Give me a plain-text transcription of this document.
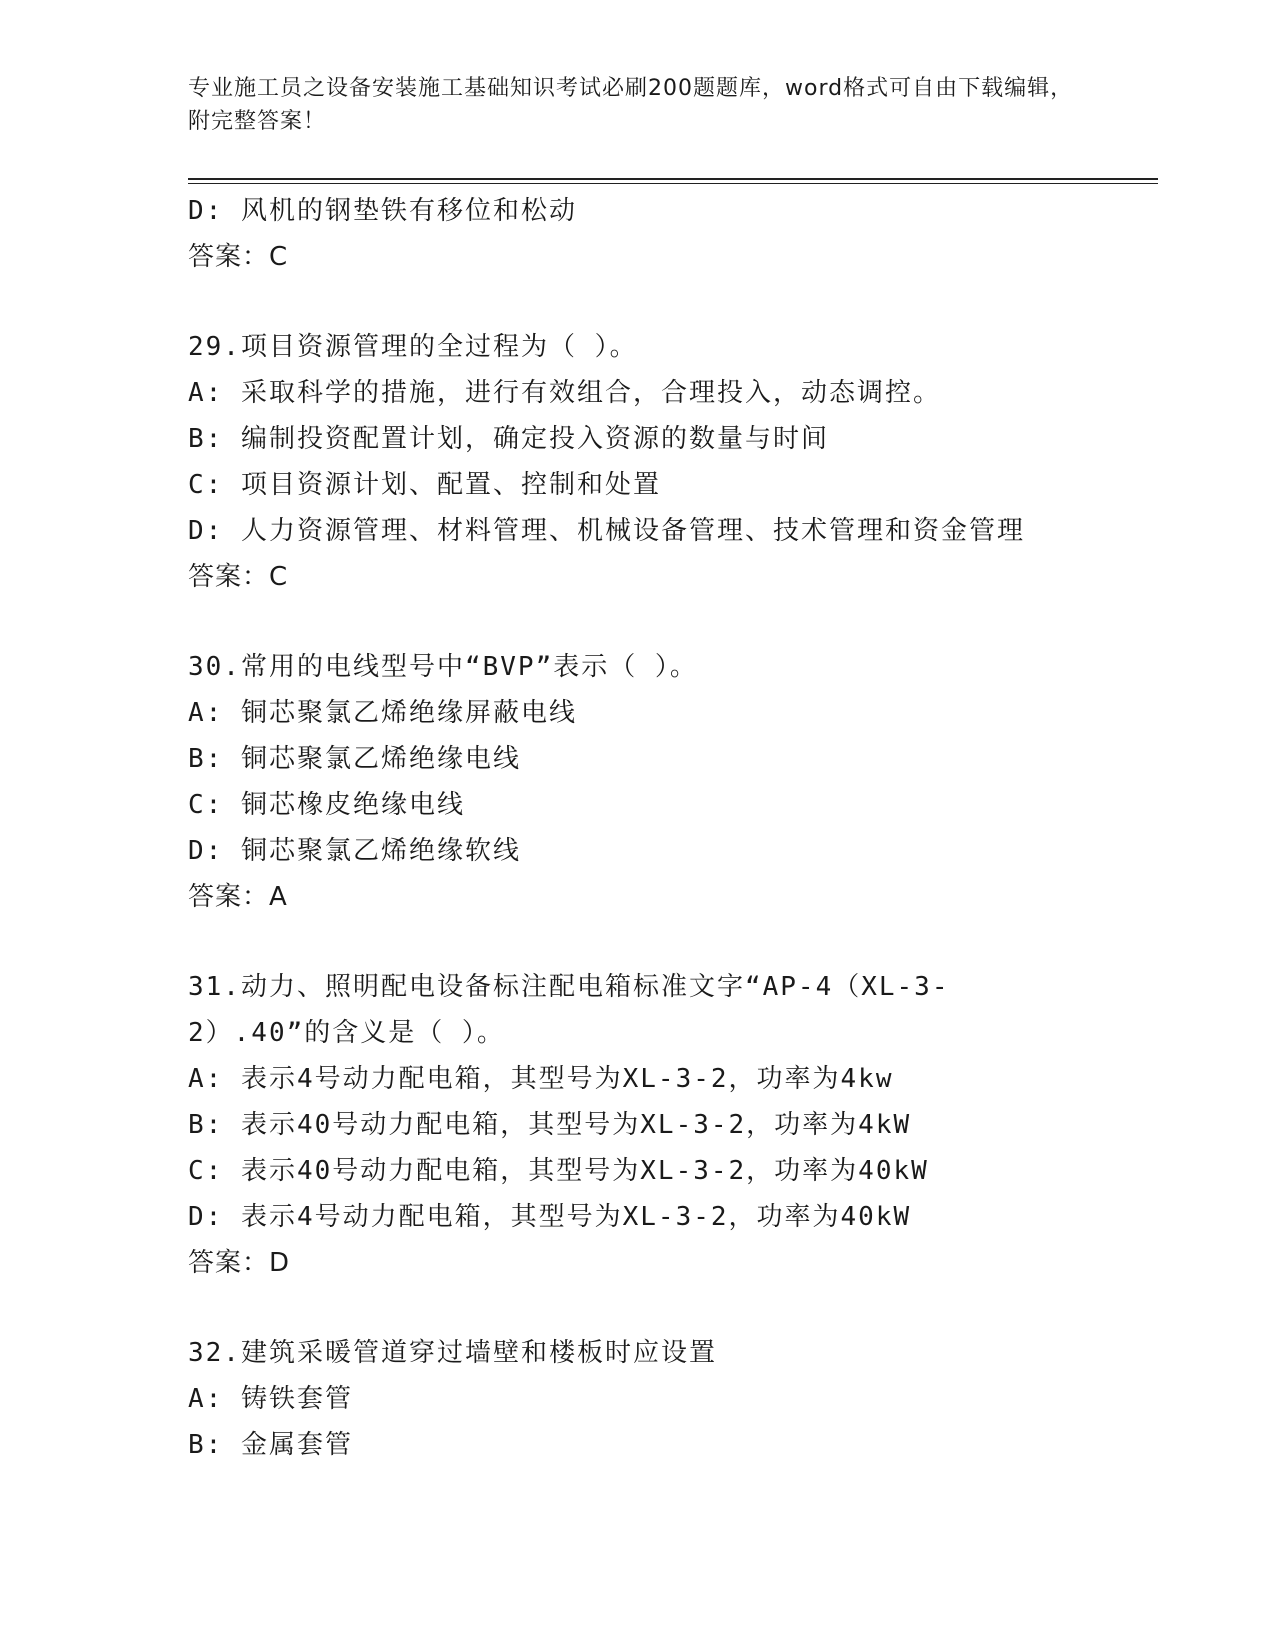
专业施工员之设备安装施工基础知识考试必刷200题题库，word格式可自由下载编辑，附完整答案！
D: 风机的钢垫铁有移位和松动
答案：C
29.项目资源管理的全过程为（ ）。
A: 采取科学的措施，进行有效组合，合理投入，动态调控。
B: 编制投资配置计划，确定投入资源的数量与时间
C: 项目资源计划、配置、控制和处置
D: 人力资源管理、材料管理、机械设备管理、技术管理和资金管理
答案：C
30.常用的电线型号中“BVP”表示（ ）。
A: 铜芯聚氯乙烯绝缘屏蔽电线
B: 铜芯聚氯乙烯绝缘电线
C: 铜芯橡皮绝缘电线
D: 铜芯聚氯乙烯绝缘软线
答案：A
31.动力、照明配电设备标注配电箱标准文字“AP-4（XL-3-2）.40”的含义是（ ）。
A: 表示4号动力配电箱，其型号为XL-3-2，功率为4kw
B: 表示40号动力配电箱，其型号为XL-3-2，功率为4kW
C: 表示40号动力配电箱，其型号为XL-3-2，功率为40kW
D: 表示4号动力配电箱，其型号为XL-3-2，功率为40kW
答案：D
32.建筑采暖管道穿过墙壁和楼板时应设置
A: 铸铁套管
B: 金属套管
